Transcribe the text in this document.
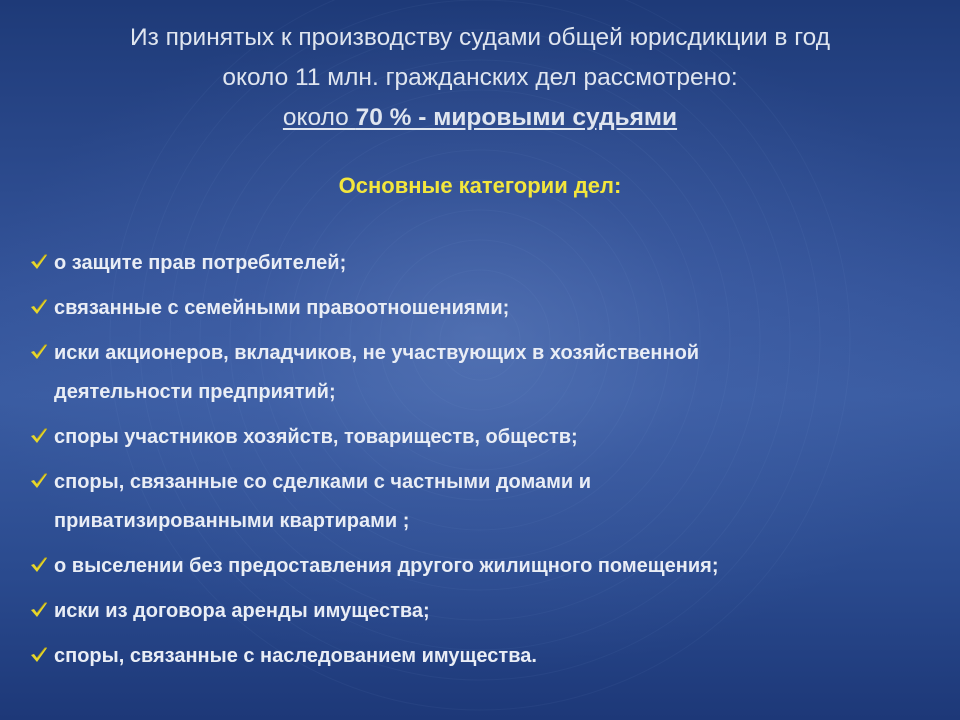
Из принятых к производству судами общей юрисдикции в год
около 11 млн. гражданских дел рассмотрено:
около 70 % - мировыми судьями
Основные категории дел:
о защите прав потребителей;
связанные с семейными правоотношениями;
иски акционеров, вкладчиков, не участвующих в хозяйственной
деятельности предприятий;
споры участников хозяйств, товариществ, обществ;
споры, связанные со сделками с частными домами и
приватизированными квартирами ;
о выселении без предоставления другого жилищного помещения;
иски из договора аренды имущества;
споры, связанные с наследованием имущества.
